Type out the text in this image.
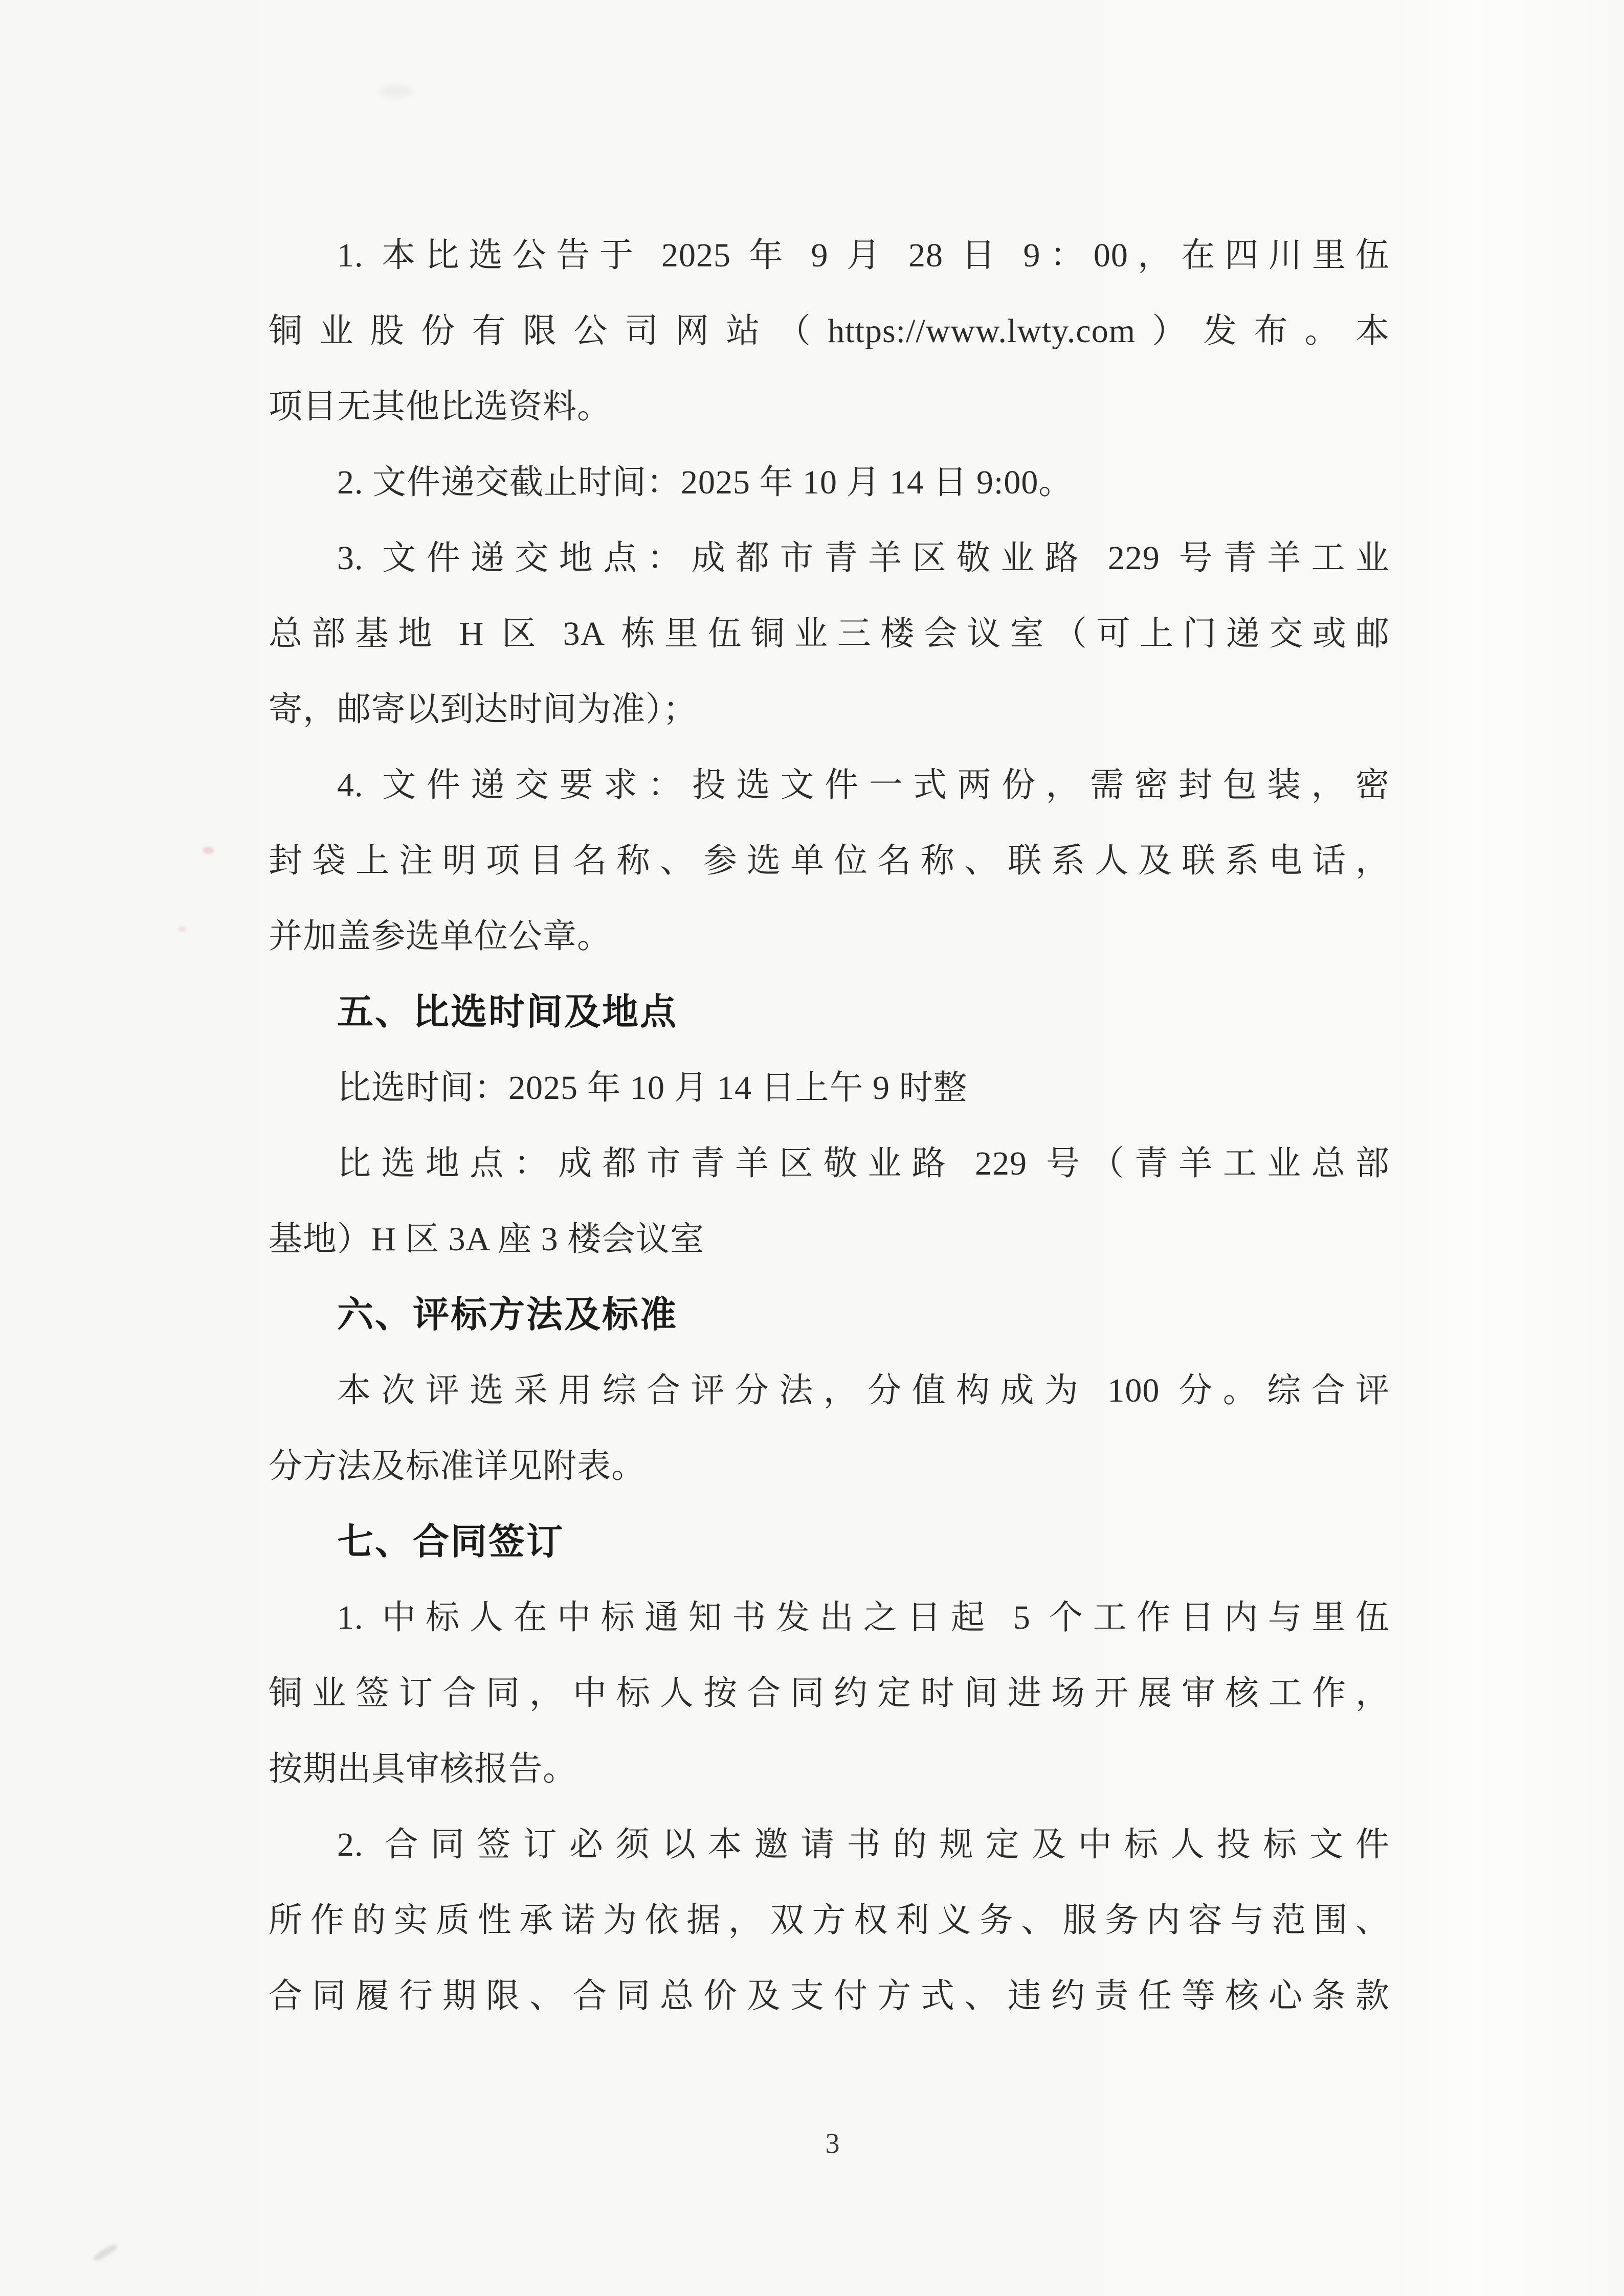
1. 本比选公告于 2025 年 9 月 28 日 9：00，在四川里伍
铜业股份有限公司网站（https://www.lwty.com）发布。本
项目无其他比选资料。
2. 文件递交截止时间：2025 年 10 月 14 日 9:00。
3. 文件递交地点：成都市青羊区敬业路 229 号青羊工业
总部基地 H 区 3A 栋里伍铜业三楼会议室（可上门递交或邮
寄，邮寄以到达时间为准）；
4. 文件递交要求：投选文件一式两份，需密封包装，密
封袋上注明项目名称、参选单位名称、联系人及联系电话，
并加盖参选单位公章。
五、比选时间及地点
比选时间：2025 年 10 月 14 日上午 9 时整
比选地点：成都市青羊区敬业路 229 号（青羊工业总部
基地）H 区 3A 座 3 楼会议室
六、评标方法及标准
本次评选采用综合评分法，分值构成为 100 分。综合评
分方法及标准详见附表。
七、合同签订
1. 中标人在中标通知书发出之日起 5 个工作日内与里伍
铜业签订合同，中标人按合同约定时间进场开展审核工作，
按期出具审核报告。
2. 合同签订必须以本邀请书的规定及中标人投标文件
所作的实质性承诺为依据，双方权利义务、服务内容与范围、
合同履行期限、合同总价及支付方式、违约责任等核心条款
3
